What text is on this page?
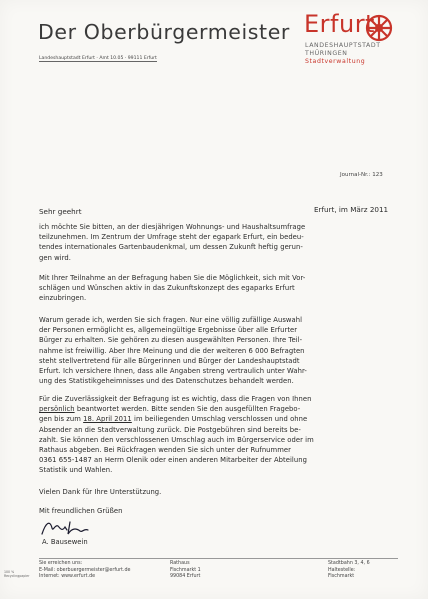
Der Oberbürgermeister
Landeshauptstadt Erfurt · Amt 10.05 · 99111 Erfurt
Erfurt
LANDESHAUPTSTADT
THÜRINGEN
Stadtverwaltung
Journal-Nr.: 123
Erfurt, im März 2011
Sehr geehrt
ich möchte Sie bitten, an der diesjährigen Wohnungs- und Haushaltsumfrage
teilzunehmen. Im Zentrum der Umfrage steht der egapark Erfurt, ein bedeu-
tendes internationales Gartenbaudenkmal, um dessen Zukunft heftig gerun-
gen wird.
Mit Ihrer Teilnahme an der Befragung haben Sie die Möglichkeit, sich mit Vor-
schlägen und Wünschen aktiv in das Zukunftskonzept des egaparks Erfurt
einzubringen.
Warum gerade ich, werden Sie sich fragen. Nur eine völlig zufällige Auswahl
der Personen ermöglicht es, allgemeingültige Ergebnisse über alle Erfurter
Bürger zu erhalten. Sie gehören zu diesen ausgewählten Personen. Ihre Teil-
nahme ist freiwillig. Aber Ihre Meinung und die der weiteren 6 000 Befragten
steht stellvertretend für alle Bürgerinnen und Bürger der Landeshauptstadt
Erfurt. Ich versichere Ihnen, dass alle Angaben streng vertraulich unter Wahr-
ung des Statistikgeheimnisses und des Datenschutzes behandelt werden.
Für die Zuverlässigkeit der Befragung ist es wichtig, dass die Fragen von Ihnen
persönlich beantwortet werden. Bitte senden Sie den ausgefüllten Fragebo-
gen bis zum 18. April 2011 im beiliegenden Umschlag verschlossen und ohne
Absender an die Stadtverwaltung zurück. Die Postgebühren sind bereits be-
zahlt. Sie können den verschlossenen Umschlag auch im Bürgerservice oder im
Rathaus abgeben. Bei Rückfragen wenden Sie sich unter der Rufnummer
0361 655-1487 an Herrn Olenik oder einen anderen Mitarbeiter der Abteilung
Statistik und Wahlen.
Vielen Dank für Ihre Unterstützung.
Mit freundlichen Grüßen
A. Bausewein
Sie erreichen uns:
E-Mail: oberbuergermeister@erfurt.de
Internet: www.erfurt.de
Rathaus
Fischmarkt 1
99084 Erfurt
Stadtbahn 3, 4, 6
Haltestelle:
Fischmarkt
100 %
Recyclingpapier
